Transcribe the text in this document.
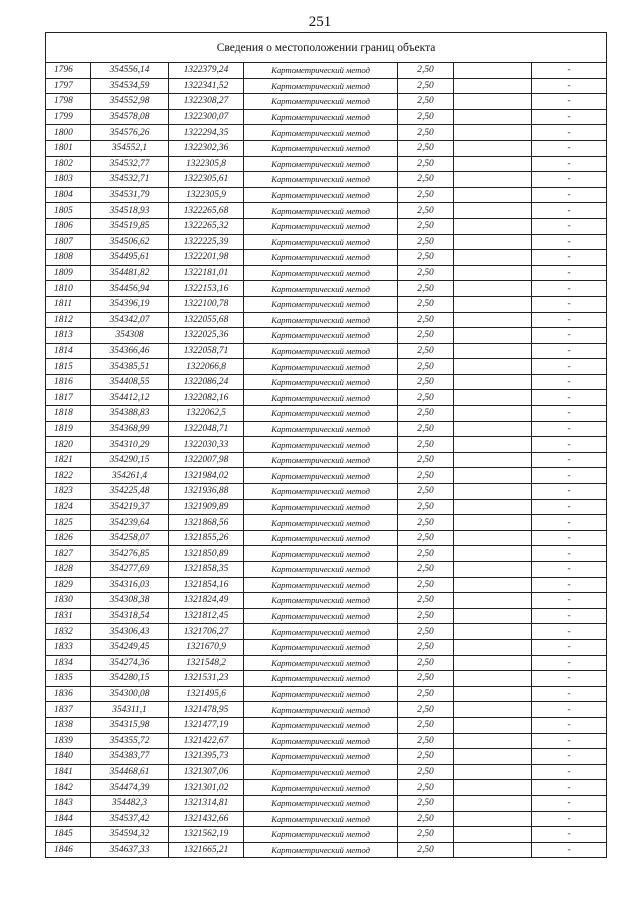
251
Сведения о местоположении границ объекта						
1796	354556,14	1322379,24	Картометрический метод	2,50		-
1797	354534,59	1322341,52	Картометрический метод	2,50		-
1798	354552,98	1322308,27	Картометрический метод	2,50		-
1799	354578,08	1322300,07	Картометрический метод	2,50		-
1800	354576,26	1322294,35	Картометрический метод	2,50		-
1801	354552,1	1322302,36	Картометрический метод	2,50		-
1802	354532,77	1322305,8	Картометрический метод	2,50		-
1803	354532,71	1322305,61	Картометрический метод	2,50		-
1804	354531,79	1322305,9	Картометрический метод	2,50		-
1805	354518,93	1322265,68	Картометрический метод	2,50		-
1806	354519,85	1322265,32	Картометрический метод	2,50		-
1807	354506,62	1322225,39	Картометрический метод	2,50		-
1808	354495,61	1322201,98	Картометрический метод	2,50		-
1809	354481,82	1322181,01	Картометрический метод	2,50		-
1810	354456,94	1322153,16	Картометрический метод	2,50		-
1811	354396,19	1322100,78	Картометрический метод	2,50		-
1812	354342,07	1322055,68	Картометрический метод	2,50		-
1813	354308	1322025,36	Картометрический метод	2,50		-
1814	354366,46	1322058,71	Картометрический метод	2,50		-
1815	354385,51	1322066,8	Картометрический метод	2,50		-
1816	354408,55	1322086,24	Картометрический метод	2,50		-
1817	354412,12	1322082,16	Картометрический метод	2,50		-
1818	354388,83	1322062,5	Картометрический метод	2,50		-
1819	354368,99	1322048,71	Картометрический метод	2,50		-
1820	354310,29	1322030,33	Картометрический метод	2,50		-
1821	354290,15	1322007,98	Картометрический метод	2,50		-
1822	354261,4	1321984,02	Картометрический метод	2,50		-
1823	354225,48	1321936,88	Картометрический метод	2,50		-
1824	354219,37	1321909,89	Картометрический метод	2,50		-
1825	354239,64	1321868,56	Картометрический метод	2,50		-
1826	354258,07	1321855,26	Картометрический метод	2,50		-
1827	354276,85	1321850,89	Картометрический метод	2,50		-
1828	354277,69	1321858,35	Картометрический метод	2,50		-
1829	354316,03	1321854,16	Картометрический метод	2,50		-
1830	354308,38	1321824,49	Картометрический метод	2,50		-
1831	354318,54	1321812,45	Картометрический метод	2,50		-
1832	354306,43	1321706,27	Картометрический метод	2,50		-
1833	354249,45	1321670,9	Картометрический метод	2,50		-
1834	354274,36	1321548,2	Картометрический метод	2,50		-
1835	354280,15	1321531,23	Картометрический метод	2,50		-
1836	354300,08	1321495,6	Картометрический метод	2,50		-
1837	354311,1	1321478,95	Картометрический метод	2,50		-
1838	354315,98	1321477,19	Картометрический метод	2,50		-
1839	354355,72	1321422,67	Картометрический метод	2,50		-
1840	354383,77	1321395,73	Картометрический метод	2,50		-
1841	354468,61	1321307,06	Картометрический метод	2,50		-
1842	354474,39	1321301,02	Картометрический метод	2,50		-
1843	354482,3	1321314,81	Картометрический метод	2,50		-
1844	354537,42	1321432,66	Картометрический метод	2,50		-
1845	354594,32	1321562,19	Картометрический метод	2,50		-
1846	354637,33	1321665,21	Картометрический метод	2,50		-
